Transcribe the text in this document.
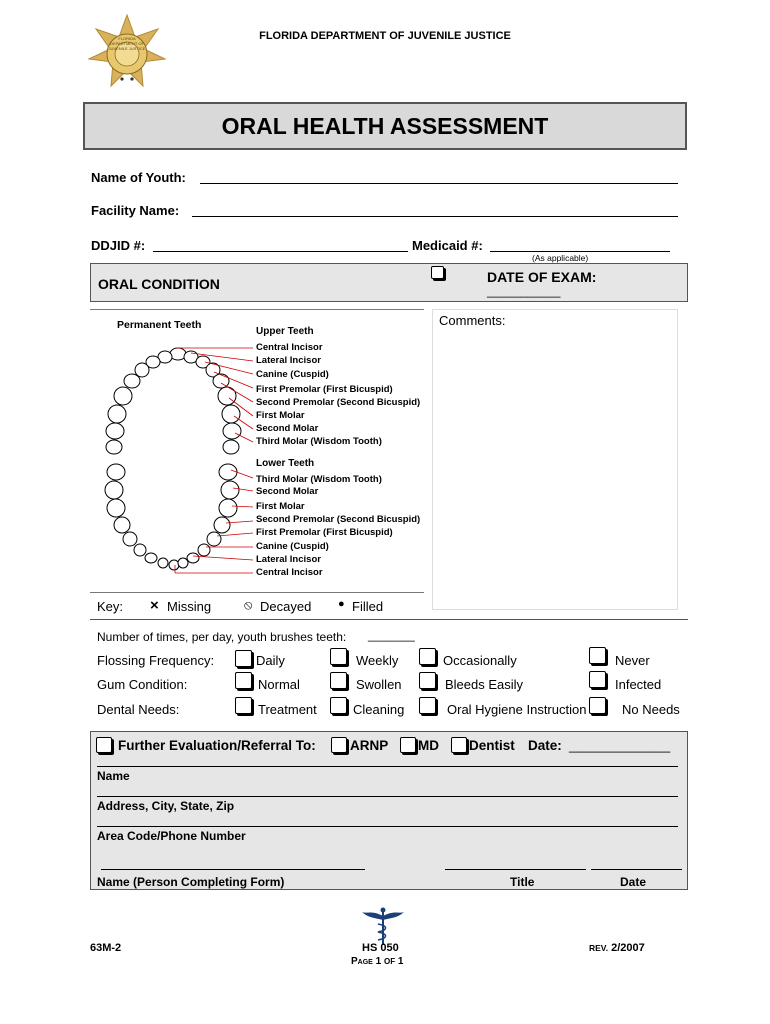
FLORIDA DEPARTMENT OF JUVENILE JUSTICE
FLORIDA DEPARTMENT OF JUVENILE JUSTICE
ORAL HEALTH ASSESSMENT
Name of Youth:
Facility Name:
DDJID #:	Medicaid #:
(As applicable)
ORAL CONDITION	DATE OF EXAM:
___________
Comments:
Permanent Teeth
Upper Teeth
Central Incisor
Lateral Incisor
Canine (Cuspid)
First Premolar (First Bicuspid)
Second Premolar (Second Bicuspid)
First Molar
Second Molar
Third Molar (Wisdom Tooth)
Lower Teeth
Third Molar (Wisdom Tooth)
Second Molar
First Molar
Second Premolar (Second Bicuspid)
First Premolar (First Bicuspid)
Canine (Cuspid)
Lateral Incisor
Central Incisor
Key: × Missing	⦸ Decayed ● Filled
Number of times, per day, youth brushes teeth: _______
Flossing Frequency:	Daily	Weekly	Occasionally	Never
Gum Condition:	Normal	Swollen	Bleeds Easily	Infected
Dental Needs:	Treatment	Cleaning	Oral Hygiene Instruction	No Needs
Further Evaluation/Referral To:	ARNP MD Dentist Date: ______________
Name
Address, City, State, Zip
Area Code/Phone Number
Name (Person Completing Form)	Title	Date
63M-2	HS 050
Page 1 OF 1
REV. 2/2007
